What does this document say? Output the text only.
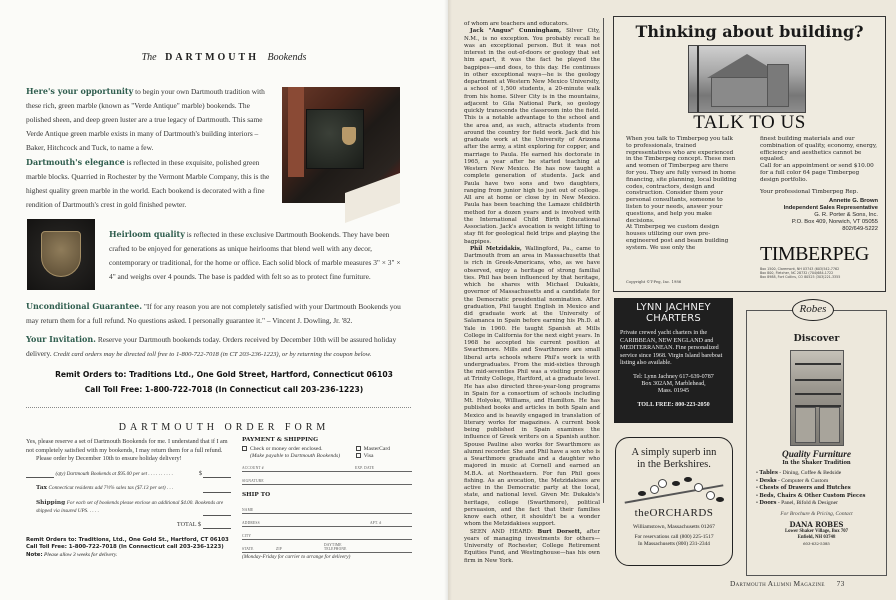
The DARTMOUTH Bookends
Here's your opportunity to begin your own Dartmouth tradition with these rich, green marble (known as "Verde Antique" marble) bookends. The polished sheen, and deep green luster are a true legacy of Dartmouth. This same Verde Antique green marble exists in many of Dartmouth's building interiors – Baker, Hitchcock and Tuck, to name a few.
Dartmouth's elegance is reflected in these exquisite, polished green marble blocks. Quarried in Rochester by the Vermont Marble Company, this is the highest quality green marble in the world. Each bookend is decorated with a fine rendition of Dartmouth's crest in gold finished pewter.
Heirloom quality is reflected in these exclusive Dartmouth Bookends. They have been crafted to be enjoyed for generations as unique heirlooms that blend well with any decor, contemporary or traditional, for the home or office. Each solid block of marble measures 3" × 3" × 4" and weighs over 4 pounds. The base is padded with felt so as to protect fine furniture.
Unconditional Guarantee. "If for any reason you are not completely satisfied with your Dartmouth Bookends you may return them for a full refund. No questions asked. I personally guarantee it." – Vincent J. Dowling, Jr. '82.
Your Invitation. Reserve your Dartmouth bookends today. Orders received by December 10th will be assured holiday delivery. Credit card orders may be directed toll free to 1-800-722-7018 (in CT 203-236-1223), or by returning the coupon below.
Remit Orders to: Traditions Ltd., One Gold Street, Hartford, Connecticut 06103
Call Toll Free: 1-800-722-7018 (In Connecticut call 203-236-1223)
DARTMOUTH ORDER FORM
Yes, please reserve a set of Dartmouth Bookends for me. I understand that if I am not completely satisfied with my bookends, I may return them for a full refund.
Please order by December 10th to ensure holiday delivery!
(qty) Dartmouth Bookends at $95.00 per set . . . . . . . . . .	$
Tax Connecticut residents add 7½% sales tax ($7.13 per set) . . .
Shipping For each set of bookends please enclose an additional $4.00. Bookends are shipped via insured UPS. . . . .
TOTAL $
Remit Orders to: Traditions, Ltd., One Gold St., Hartford, CT 06103
Call Toll Free: 1-800-722-7018 (In Connecticut call 203-236-1223)
Note: Please allow 3 weeks for delivery.
PAYMENT & SHIPPING
Check or money order enclosed.
(Make payable to Dartmouth Bookends)
MasterCard
Visa
ACCOUNT #	EXP. DATE
SIGNATURE
SHIP TO
NAME
ADDRESS	APT. #
CITY
STATE	ZIP
DAYTIME TELEPHONE
(Monday-Friday for carrier to arrange for delivery)

of whom are teachers and educators.

Jack "Angus" Cunningham, Silver City, N.M., is no exception. You probably recall he was an exceptional person. But it was not interest in the out-of-doors or geology that set him apart, it was the fact he played the bagpipes—and does, to this day. He continues in other exceptional ways—he is the geology department at Western New Mexico University, a school of 1,500 students, a 20-minute walk from his home. Silver City is in the mountains, adjacent to Gila National Park, so geology quickly transcends the classroom into the field. This is a notable advantage to the school and the area and, as such, attracts students from around the country for field work. Jack did his graduate work at the University of Arizona after the army, a stint exploring for copper, and marriage to Paula. He earned his doctorate in 1965, a year after he started teaching at Western New Mexico. He has now taught a complete generation of students. Jack and Paula have two sons and two daughters, ranging from junior high to just out of college. All are at home or close by in New Mexico. Paula has been teaching the Lamaze childbirth method for a dozen years and is involved with the International Child Birth Educational Association. Jack's avocation is weight lifting to stay fit for geological field trips and playing the bagpipes.

Phil Metzidakis, Wallingford, Pa., came to Dartmouth from an area in Massachusetts that is rich in Greek-Americans, who, as we have observed, enjoy a heritage of strong familial ties. Phil has been influenced by that heritage, which he shares with Michael Dukakis, governor of Massachusetts and a candidate for the Democratic presidential nomination. After graduation, Phil taught English in Mexico and did graduate work at the University of Salamanca in Spain before earning his Ph.D. at Yale in 1960. He taught Spanish at Mills College in California for the next eight years. In 1968 he accepted his current position at Swarthmore. Mills and Swarthmore are small liberal arts schools where Phil's work is with undergraduates. From the mid-sixties through the mid-seventies Phil was a visiting professor at Trinity College, Hartford, at a graduate level. He has also directed three-year-long programs in Spain for a consortium of schools including Mt. Holyoke, Williams, and Hamilton. He has published books and articles in both Spain and Mexico and is heavily engaged in translation of literary works for magazines. A current book being published in Spain examines the influence of Greek writers on a Spanish author. Spouse Pauline also works for Swarthmore as alumni recorder. She and Phil have a son who is a Swarthmore graduate and a daughter who majored in music at Cornell and earned an M.B.A. at Northeastern. For fun Phil goes fishing. As an avocation, the Metzidakises are active in the Democratic party at the local, state, and national level. Given Mr. Dukakis's heritage, college (Swarthmore), political persuasion, and the fact that their families know each other, it shouldn't be a wonder whom the Metzidakises support.

SEEN AND HEARD: Burt Dorsett, after years of managing investments for others—University of Rochester, College Retirement Equities Fund, and Westinghouse—has his own firm in New York.

Thinking about building?
TALK TO US
When you talk to Timberpeg you talk to professionals, trained representatives who are experienced in the Timberpeg concept. These men and women of Timberpeg are there for you. They are fully versed in home financing, site planning, local building codes, contractors, design and construction. Consider them your personal consultants, someone to listen to your needs, answer your questions, and help you make decisions.
At Timberpeg we custom design houses utilizing our own pre-engineered post and beam building system. We use only the
finest building materials and our combination of quality, economy, energy, efficiency and aesthetics cannot be equaled.
Call for an appointment or send $10.00 for a full color 64 page Timberpeg design portfolio.
Your professional Timberpeg Rep.
Annette G. Brown
Independent Sales Representative
G. R. Porter & Sons, Inc.
P.O. Box 409, Norwich, VT 05055
802/649-5222
TIMBERPEG
Box 1500, Claremont, NH 03743 (603)542-7762
Box 800, Fletcher, NC 28732 (704)684-1722
Box 8988, Fort Collins, CO 80525 (303)221-3355
Copyright ©T-Peg, Inc. 1986
LYNN JACHNEY
CHARTERS
Private crewed yacht charters in the CARIBBEAN, NEW ENGLAND and MEDITERRANEAN. Fine personalized service since 1968. Virgin Island bareboat listing also available.
Tel: Lynn Jachney 617-639-0787
Box 302AM, Marblehead,
Mass. 01945
TOLL FREE: 800-223-2050
A simply superb inn
in the Berkshires.
theORCHARDS
Williamstown, Massachusetts 01267
For reservations call (800) 225-1517
In Massachusetts (800) 231-2344
Robes
Discover
Quality Furniture
In the Shaker Tradition
• Tables - Dining, Coffee & Bedside
• Desks - Computer & Custom
• Chests of Drawers and Hutches
• Beds, Chairs & Other Custom Pieces
• Doors - Panel, Bifold & Designer
For Brochure & Pricing, Contact
DANA ROBES
Lower Shaker Village, Box 707
Enfield, NH 03748
603-632-5385
Dartmouth Alumni Magazine 73
